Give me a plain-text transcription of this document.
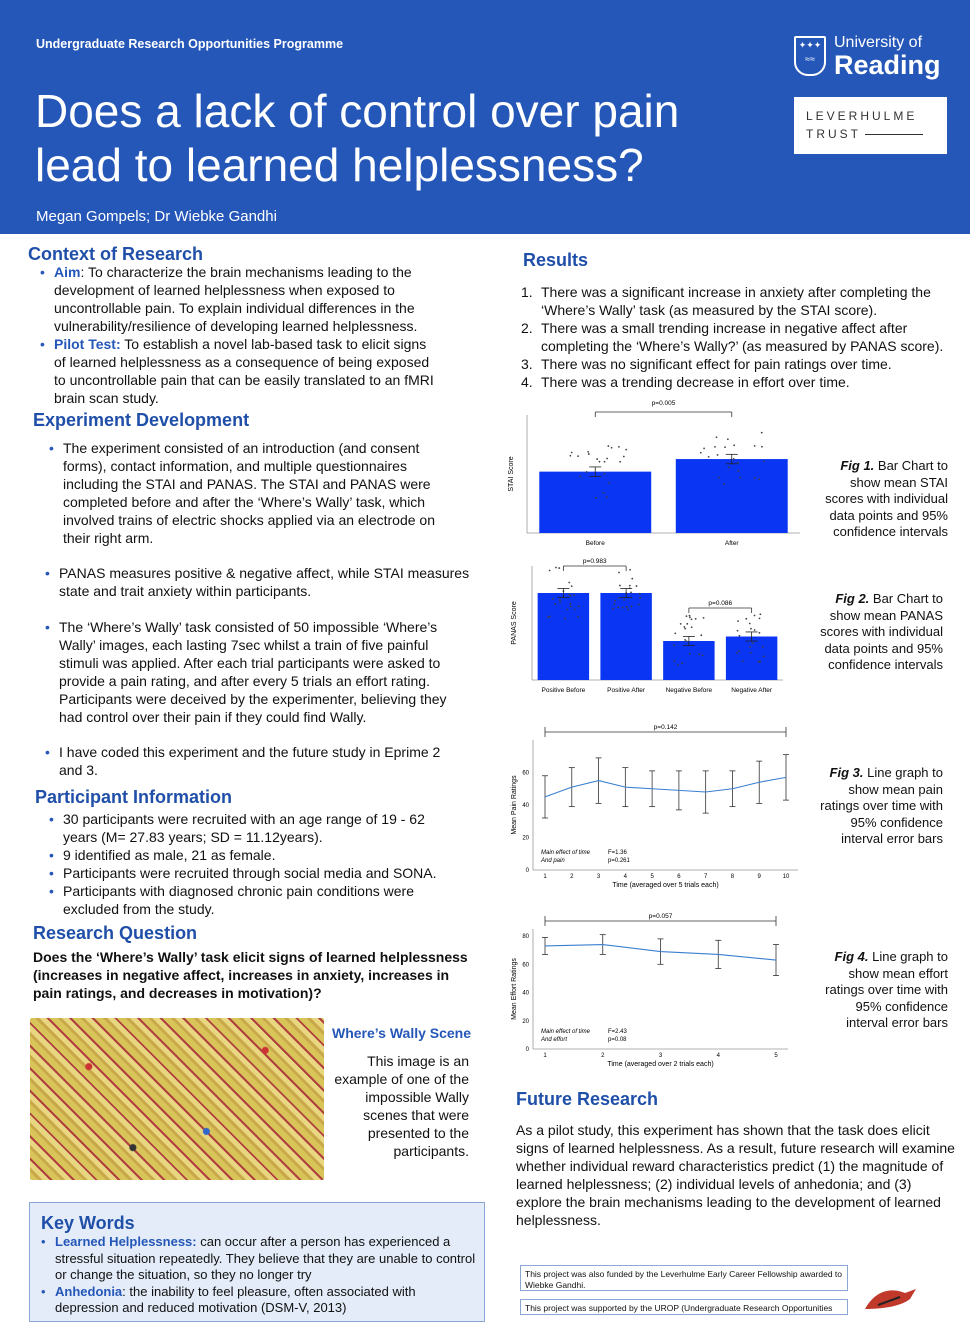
Undergraduate Research Opportunities Programme
Does a lack of control over pain lead to learned helplessness?
Megan Gompels; Dr Wiebke Gandhi
✦✦✦
≈≈
University of
Reading
LEVERHULME
TRUST
Context of Research
• Aim: To characterize the brain mechanisms leading to the development of learned helplessness when exposed to uncontrollable pain. To explain individual differences in the vulnerability/resilience of developing learned helplessness.
• Pilot Test: To establish a novel lab-based task to elicit signs of learned helplessness as a consequence of being exposed to uncontrollable pain that can be easily translated to an fMRI brain scan study.
Experiment Development
• The experiment consisted of an introduction (and consent forms), contact information, and multiple questionnaires including the STAI and PANAS. The STAI and PANAS were completed before and after the ‘Where’s Wally’ task, which involved trains of electric shocks applied via an electrode on their right arm.
• PANAS measures positive & negative affect, while STAI measures state and trait anxiety within participants.
• The ‘Where’s Wally’ task consisted of 50 impossible ‘Where’s Wally’ images, each lasting 7sec whilst a train of five painful stimuli was applied. After each trial participants were asked to provide a pain rating, and after every 5 trials an effort rating. Participants were deceived by the experimenter, believing they had control over their pain if they could find Wally.
• I have coded this experiment and the future study in Eprime 2 and 3.
Participant Information
• 30 participants were recruited with an age range of 19 - 62 years (M= 27.83 years; SD = 11.12years).
• 9 identified as male, 21 as female.
• Participants were recruited through social media and SONA.
• Participants with diagnosed chronic pain conditions were excluded from the study.
Research Question
Does the ‘Where’s Wally’ task elicit signs of learned helplessness (increases in negative affect, increases in anxiety, increases in pain ratings, and decreases in motivation)?
Where’s Wally Scene
This image is an example of one of the impossible Wally scenes that were presented to the participants.
Key Words
• Learned Helplessness: can occur after a person has experienced a stressful situation repeatedly. They believe that they are unable to control or change the situation, so they no longer try
• Anhedonia: the inability to feel pleasure, often associated with depression and reduced motivation (DSM-V, 2013)
Results
1. There was a significant increase in anxiety after completing the ‘Where’s Wally’ task (as measured by the STAI score).
2. There was a small trending increase in negative affect after completing the ‘Where’s Wally?’ (as measured by PANAS score).
3. There was no significant effect for pain ratings over time.
4. There was a trending decrease in effort over time.
STAI Score
Before	After
p=0.005
PANAS Score
Positive Before	Positive After	Negative Before	Negative After
p=0.983
p=0.086
0
20
40
60
1	2	3	4	5	6	7	8	9	10
Mean Pain Ratings
Time (averaged over 5 trials each)
p=0.142
Main effect of time
And pain
F=1.36
p=0.261
0
20
40
60
80
1	2	3	4	5
Mean Effort Ratings
Time (averaged over 2 trials each)
p=0.057
Main effect of time
And effort
F=2.43
p=0.08
Fig 1. Bar Chart to show mean STAI scores with individual data points and 95% confidence intervals
Fig 2. Bar Chart to show mean PANAS scores with individual data points and 95% confidence intervals
Fig 3. Line graph to show mean pain ratings over time with 95% confidence interval error bars
Fig 4. Line graph to show mean effort ratings over time with 95% confidence interval error bars
Future Research
As a pilot study, this experiment has shown that the task does elicit signs of learned helplessness. As a result, future research will examine whether individual reward characteristics predict (1) the magnitude of learned helplessness; (2) individual levels of anhedonia; and (3) explore the brain mechanisms leading to the development of learned helplessness.
This project was also funded by the Leverhulme Early Career Fellowship awarded to Wiebke Gandhi.
This project was supported by the UROP (Undergraduate Research Opportunities
